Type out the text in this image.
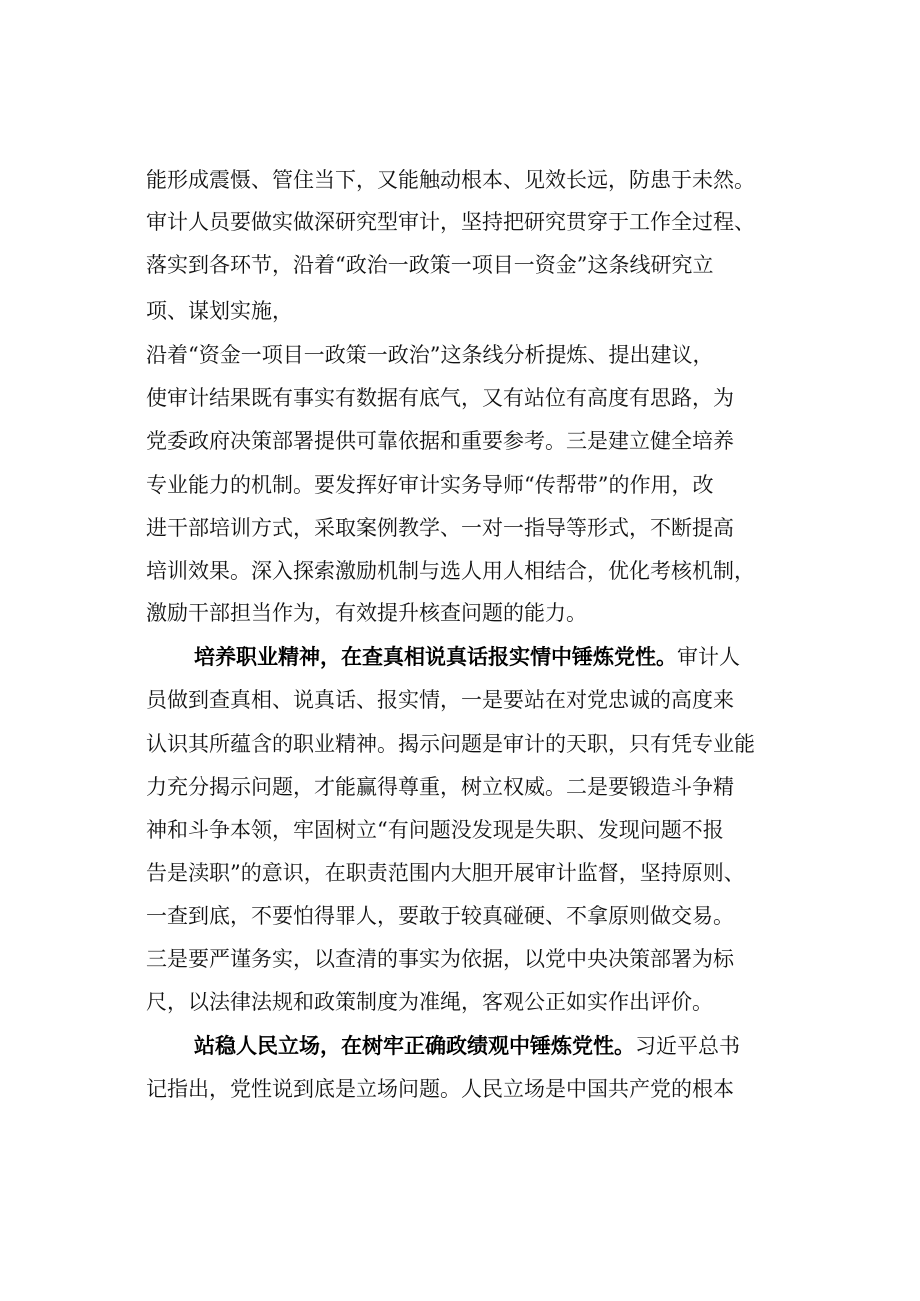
能形成震慑、管住当下，又能触动根本、见效长远，防患于未然。
审计人员要做实做深研究型审计，坚持把研究贯穿于工作全过程、
落实到各环节，沿着“政治一政策一项目一资金”这条线研究立
项、谋划实施，
沿着“资金一项目一政策一政治”这条线分析提炼、提出建议，
使审计结果既有事实有数据有底气，又有站位有高度有思路，为
党委政府决策部署提供可靠依据和重要参考。三是建立健全培养
专业能力的机制。要发挥好审计实务导师“传帮带”的作用，改
进干部培训方式，采取案例教学、一对一指导等形式，不断提高
培训效果。深入探索激励机制与选人用人相结合，优化考核机制，
激励干部担当作为，有效提升核查问题的能力。
培养职业精神，在查真相说真话报实情中锤炼党性。审计人
员做到查真相、说真话、报实情，一是要站在对党忠诚的高度来
认识其所蕴含的职业精神。揭示问题是审计的天职，只有凭专业能
力充分揭示问题，才能赢得尊重，树立权威。二是要锻造斗争精
神和斗争本领，牢固树立“有问题没发现是失职、发现问题不报
告是渎职”的意识，在职责范围内大胆开展审计监督，坚持原则、
一查到底，不要怕得罪人，要敢于较真碰硬、不拿原则做交易。
三是要严谨务实，以查清的事实为依据，以党中央决策部署为标
尺，以法律法规和政策制度为准绳，客观公正如实作出评价。
站稳人民立场，在树牢正确政绩观中锤炼党性。习近平总书
记指出，党性说到底是立场问题。人民立场是中国共产党的根本
